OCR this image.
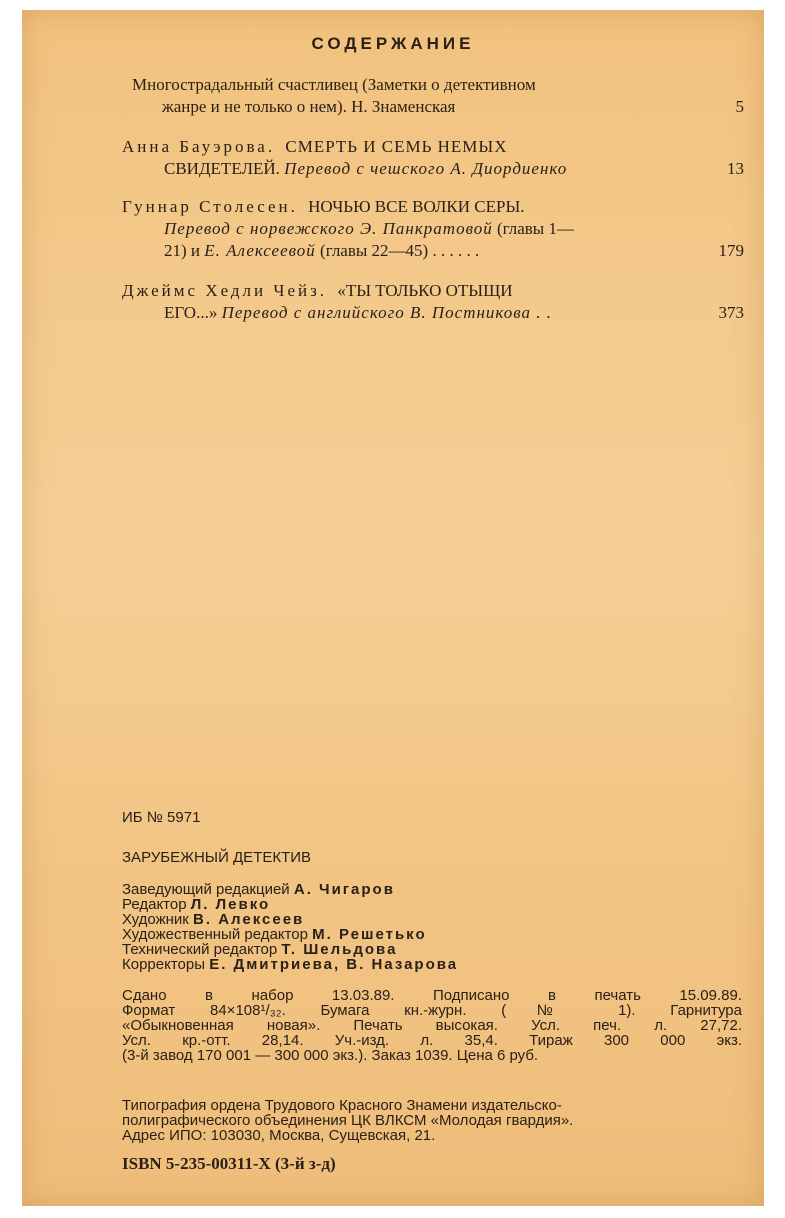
СОДЕРЖАНИЕ
Многострадальный счастливец (Заметки о детективном
жанре и не только о нем). Н. Знаменская	5
Анна Бауэрова. СМЕРТЬ И СЕМЬ НЕМЫХ
СВИДЕТЕЛЕЙ. Перевод с чешского А. Диордиенко	13
Гуннар Столесен. НОЧЬЮ ВСЕ ВОЛКИ СЕРЫ.
Перевод с норвежского Э. Панкратовой (главы 1—
21) и Е. Алексеевой (главы 22—45) . . . . . .	179
Джеймс Хедли Чейз. «ТЫ ТОЛЬКО ОТЫЩИ
ЕГО...» Перевод с английского В. Постникова . .	373
ИБ № 5971
ЗАРУБЕЖНЫЙ ДЕТЕКТИВ
Заведующий редакцией А. Чигаров
Редактор Л. Левко
Художник В. Алексеев
Художественный редактор М. Решетько
Технический редактор Т. Шельдова
Корректоры Е. Дмитриева, В. Назарова
Сдано в набор 13.03.89. Подписано в печать 15.09.89.
Формат 84×108¹/₃₂. Бумага кн.-журн. (№ 1). Гарнитура
«Обыкновенная новая». Печать высокая. Усл. печ. л. 27,72.
Усл. кр.-отт. 28,14. Уч.-изд. л. 35,4. Тираж 300 000 экз.
(3-й завод 170 001 — 300 000 экз.). Заказ 1039. Цена 6 руб.
Типография ордена Трудового Красного Знамени издательско-
полиграфического объединения ЦК ВЛКСМ «Молодая гвардия».
Адрес ИПО: 103030, Москва, Сущевская, 21.
ISBN 5-235-00311-X (3-й з-д)
